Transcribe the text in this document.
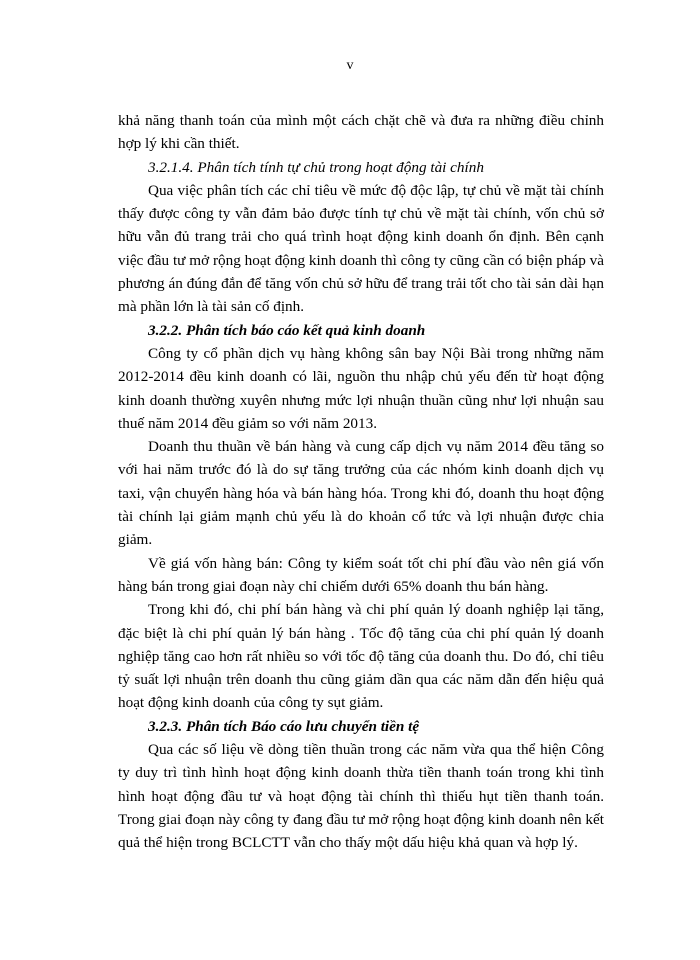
v

khả năng thanh toán của mình một cách chặt chẽ và đưa ra những điều chỉnh hợp lý khi cần thiết.

3.2.1.4. Phân tích tính tự chủ trong hoạt động tài chính

Qua việc phân tích các chỉ tiêu về mức độ độc lập, tự chủ về mặt tài chính thấy được công ty vẫn đảm bảo được tính tự chủ về mặt tài chính, vốn chủ sở hữu vẫn đủ trang trải cho quá trình hoạt động kinh doanh ổn định. Bên cạnh việc đầu tư mở rộng hoạt động kinh doanh thì công ty cũng cần có biện pháp và phương án đúng đắn để tăng vốn chủ sở hữu để trang trải tốt cho tài sản dài hạn mà phần lớn là tài sản cố định.

3.2.2. Phân tích báo cáo kết quả kinh doanh

Công ty cổ phần dịch vụ hàng không sân bay Nội Bài trong những năm 2012-2014 đều kinh doanh có lãi, nguồn thu nhập chủ yếu đến từ hoạt động kinh doanh thường xuyên nhưng mức lợi nhuận thuần cũng như lợi nhuận sau thuế năm 2014 đều giảm so với năm 2013.

Doanh thu thuần về bán hàng và cung cấp dịch vụ năm 2014 đều tăng so với hai năm trước đó là do sự tăng trưởng của các nhóm kinh doanh dịch vụ taxi, vận chuyển hàng hóa và bán hàng hóa. Trong khi đó, doanh thu hoạt động tài chính lại giảm mạnh chủ yếu là do khoản cổ tức và lợi nhuận được chia giảm.

Về giá vốn hàng bán: Công ty kiểm soát tốt chi phí đầu vào nên giá vốn hàng bán trong giai đoạn này chỉ chiếm dưới 65% doanh thu bán hàng.

Trong khi đó, chi phí bán hàng và chi phí quản lý doanh nghiệp lại tăng, đặc biệt là chi phí quản lý bán hàng . Tốc độ tăng của chi phí quản lý doanh nghiệp tăng cao hơn rất nhiều so với tốc độ tăng của doanh thu. Do đó, chỉ tiêu tỷ suất lợi nhuận trên doanh thu cũng giảm dần qua các năm dẫn đến hiệu quả hoạt động kinh doanh của công ty sụt giảm.

3.2.3. Phân tích Báo cáo lưu chuyển tiền tệ

Qua các số liệu về dòng tiền thuần trong các năm vừa qua thể hiện Công ty duy trì tình hình hoạt động kinh doanh thừa tiền thanh toán trong khi tình hình hoạt động đầu tư và hoạt động tài chính thì thiếu hụt tiền thanh toán. Trong giai đoạn này công ty đang đầu tư mở rộng hoạt động kinh doanh nên kết quả thể hiện trong BCLCTT vẫn cho thấy một dấu hiệu khả quan và hợp lý.
